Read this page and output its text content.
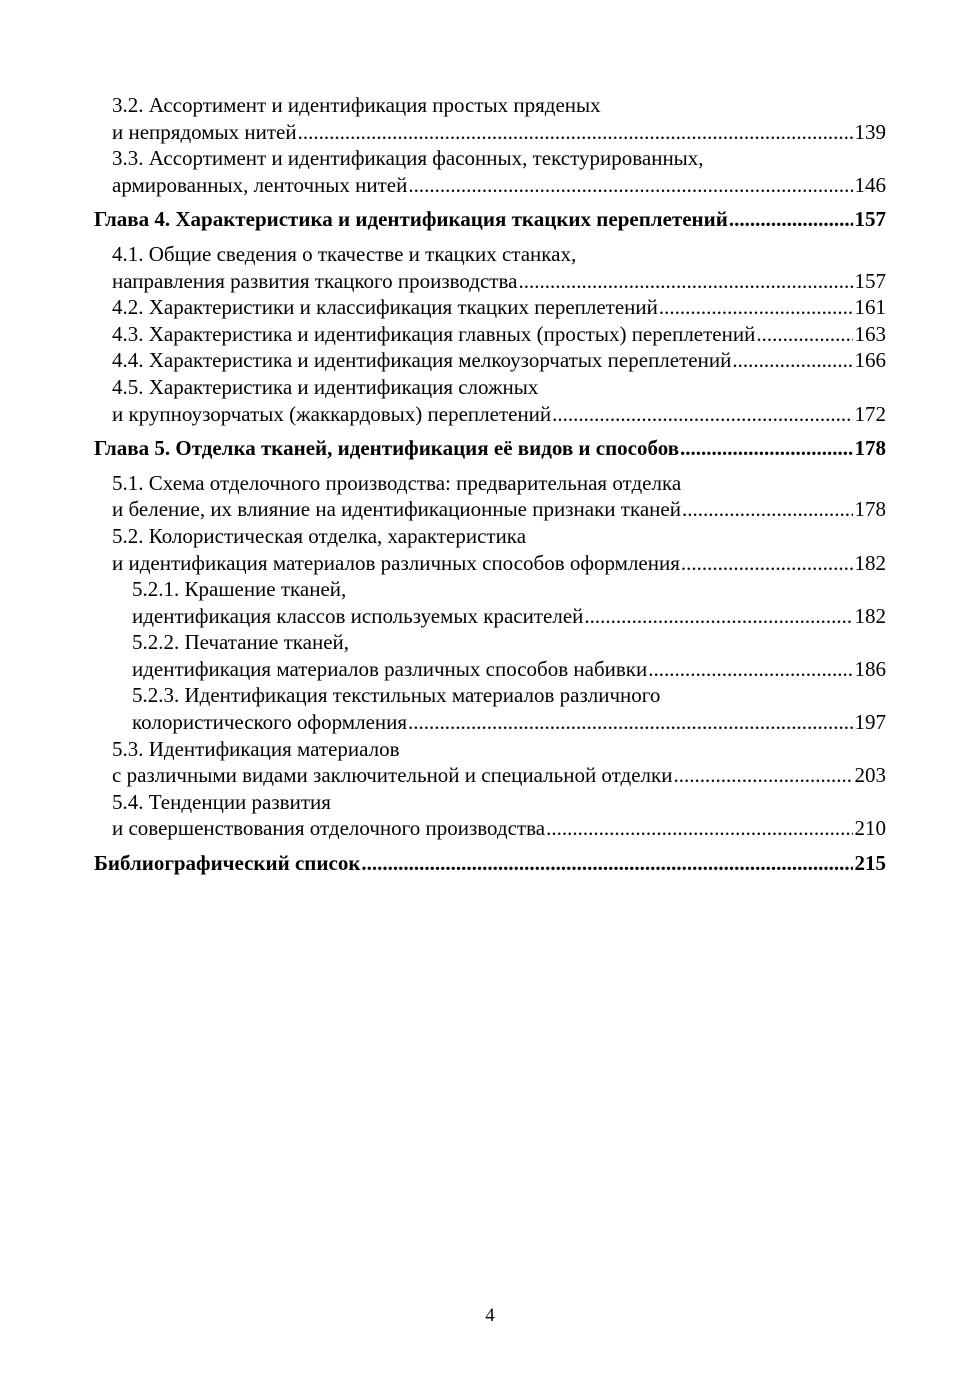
3.2. Ассортимент и идентификация простых пряденых
и непрядомых нитей .....	139
3.3. Ассортимент и идентификация фасонных, текстурированных,
армированных, ленточных нитей .....	146
Глава 4. Характеристика и идентификация ткацких переплетений .....	157
4.1. Общие сведения о ткачестве и ткацких станках,
направления развития ткацкого производства .....	157
4.2. Характеристики и классификация ткацких переплетений .....	161
4.3. Характеристика и идентификация главных (простых) переплетений .....	163
4.4. Характеристика и идентификация мелкоузорчатых переплетений .....	166
4.5. Характеристика и идентификация сложных
и крупноузорчатых (жаккардовых) переплетений .....	172
Глава 5. Отделка тканей, идентификация её видов и способов .....	178
5.1. Схема отделочного производства: предварительная отделка
и беление, их влияние на идентификационные признаки тканей .....	178
5.2. Колористическая отделка, характеристика
и идентификация материалов различных способов оформления .....	182
5.2.1. Крашение тканей,
идентификация классов используемых красителей .....	182
5.2.2. Печатание тканей,
идентификация материалов различных способов набивки .....	186
5.2.3. Идентификация текстильных материалов различного
колористического оформления .....	197
5.3. Идентификация материалов
с различными видами заключительной и специальной отделки .....	203
5.4. Тенденции развития
и совершенствования отделочного производства .....	210
Библиографический список .....	215
4
